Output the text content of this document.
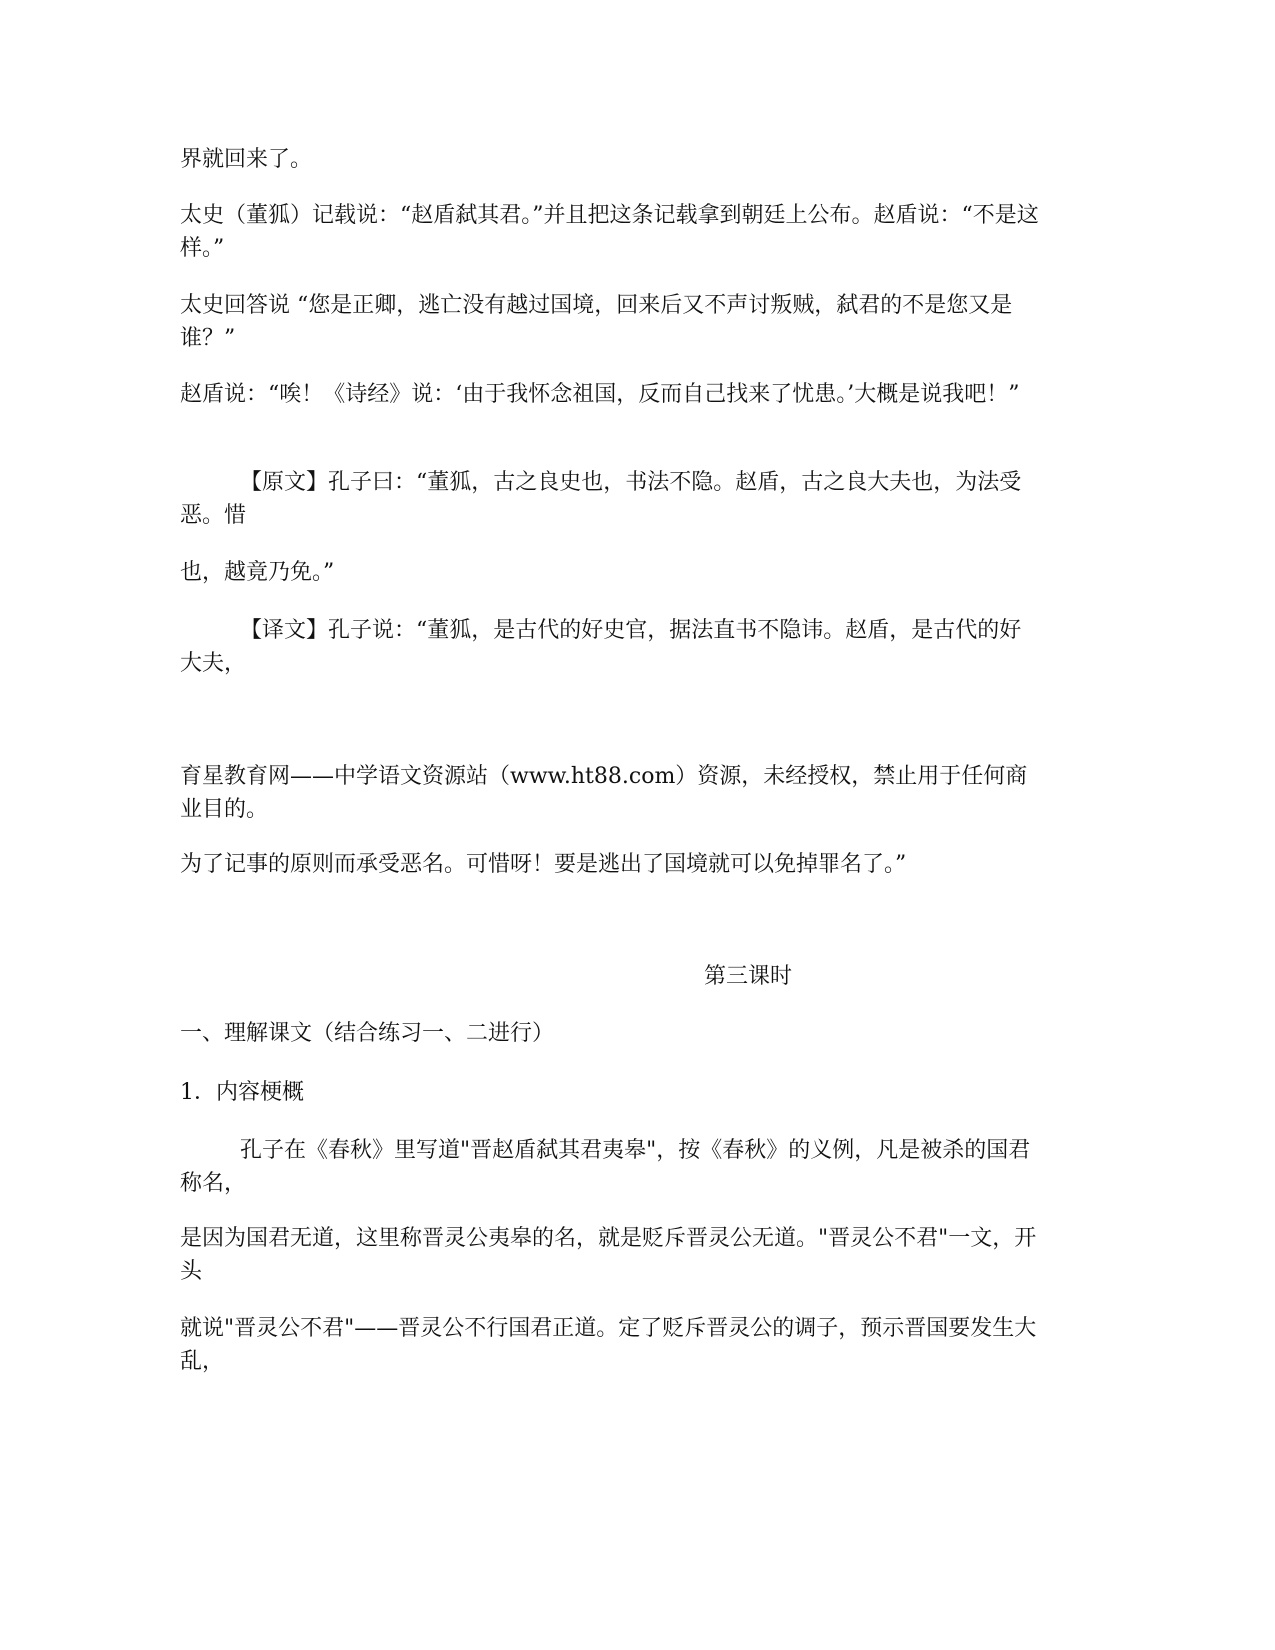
界就回来了。

太史（董狐）记载说：“赵盾弑其君。”并且把这条记载拿到朝廷上公布。赵盾说：“不是这样。”

太史回答说 “您是正卿，逃亡没有越过国境，回来后又不声讨叛贼，弑君的不是您又是谁？”

赵盾说：“唉！《诗经》说：‘由于我怀念祖国，反而自己找来了忧患。’大概是说我吧！”

【原文】孔子曰：“董狐，古之良史也，书法不隐。赵盾，古之良大夫也，为法受恶。惜

也，越竟乃免。”

【译文】孔子说：“董狐，是古代的好史官，据法直书不隐讳。赵盾，是古代的好大夫，

育星教育网——中学语文资源站（www.ht88.com）资源，未经授权，禁止用于任何商业目的。

为了记事的原则而承受恶名。可惜呀！要是逃出了国境就可以免掉罪名了。”

第三课时

一、理解课文（结合练习一、二进行）

1．内容梗概

孔子在《春秋》里写道"晋赵盾弑其君夷皋"，按《春秋》的义例，凡是被杀的国君称名，

是因为国君无道，这里称晋灵公夷皋的名，就是贬斥晋灵公无道。"晋灵公不君"一文，开头

就说"晋灵公不君"——晋灵公不行国君正道。定了贬斥晋灵公的调子，预示晋国要发生大乱，
